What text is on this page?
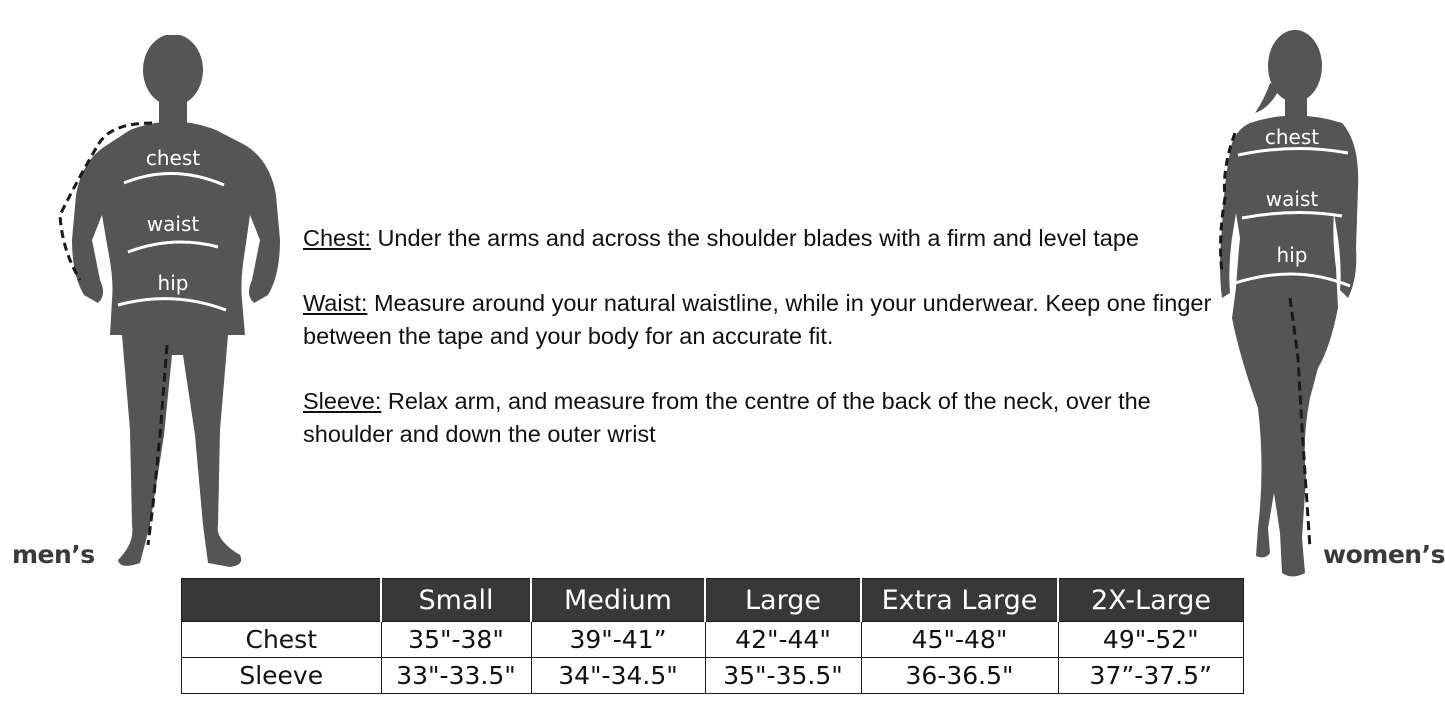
chest
waist
hip
men’s
chest
waist
hip
women’s

Chest: Under the arms and across the shoulder blades with a firm and level tape

Waist: Measure around your natural waistline, while in your underwear. Keep one finger between the tape and your body for an accurate fit.

Sleeve: Relax arm, and measure from the centre of the back of the neck, over the shoulder and down the outer wrist

	Small	Medium	Large	Extra Large	2X-Large
Chest	35"-38"	39"-41”	42"-44"	45"-48"	49"-52"
Sleeve	33"-33.5"	34"-34.5"	35"-35.5"	36-36.5"	37”-37.5”
